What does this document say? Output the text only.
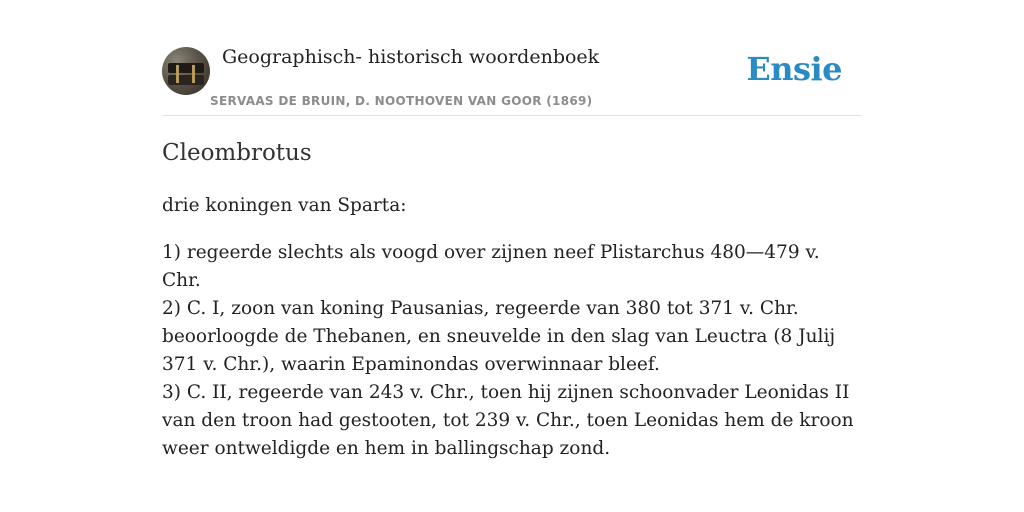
Geographisch- historisch woordenboek
SERVAAS DE BRUIN, D. NOOTHOVEN VAN GOOR (1869)
Ensie
Cleombrotus

drie koningen van Sparta:

1) regeerde slechts als voogd over zijnen neef Plistarchus 480—479 v. Chr.
2) C. I, zoon van koning Pausanias, regeerde van 380 tot 371 v. Chr. beoorloogde de Thebanen, en sneuvelde in den slag van Leuctra (8 Julij 371 v. Chr.), waarin Epaminondas overwinnaar bleef.
3) C. II, regeerde van 243 v. Chr., toen hij zijnen schoonvader Leonidas II van den troon had gestooten, tot 239 v. Chr., toen Leonidas hem de kroon weer ontweldigde en hem in ballingschap zond.
